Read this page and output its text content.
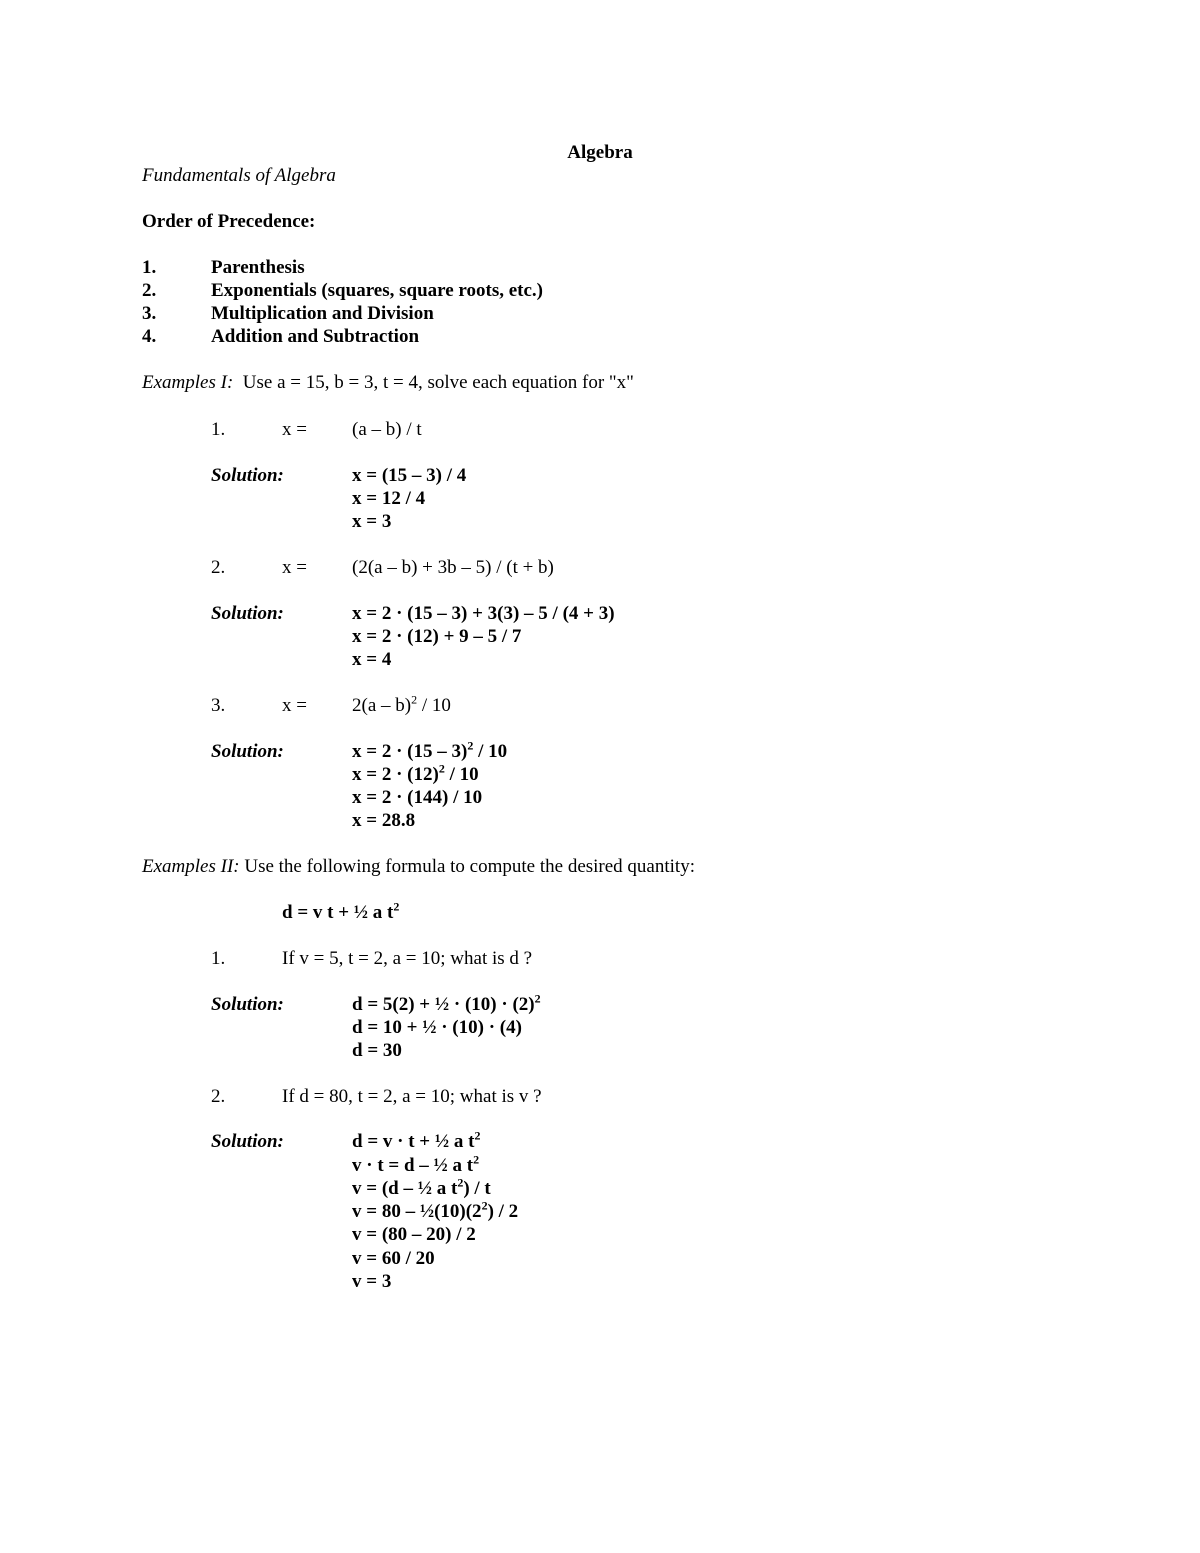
Algebra
Fundamentals of Algebra
Order of Precedence:
1.	Parenthesis
2.	Exponentials (squares, square roots, etc.)
3.	Multiplication and Division
4.	Addition and Subtraction
Examples I: Use a = 15, b = 3, t = 4, solve each equation for "x"
1.	x = (a – b) / t
Solution:	x = (15 – 3) / 4
x = 12 / 4
x = 3
2.	x = (2(a – b) + 3b – 5) / (t + b)
Solution:	x = 2 · (15 – 3) + 3(3) – 5 / (4 + 3)
x = 2 · (12) + 9 – 5 / 7
x = 4
3.	x = 2(a – b)$^2$ / 10
Solution:	x = 2 · (15 – 3)$^2$ / 10
$x = 2 \cdot (12)^2 / 10$
x = 2 · (144) / 10
x = 28.8
Examples II: Use the following formula to compute the desired quantity:
d = v t + ½ a $t^2$
1.	If v = 5, t = 2, a = 10; what is d ?
Solution:	d = 5(2) + ½ · $(10) \cdot (2)^2$
d = 10 + ½ · (10) · (4)
d = 30
2.	If d = 80, t = 2, a = 10; what is v ?
Solution:	d = v · t + ½ a $t^2$
v · t = d – ½ a $t^2$
v = (d – ½ a $t^2$) / t
$v = 80 - \frac{1}{2}(10)(2^2) / 2$
v = (80 – 20) / 2
v = 60 / 20
v = 3
